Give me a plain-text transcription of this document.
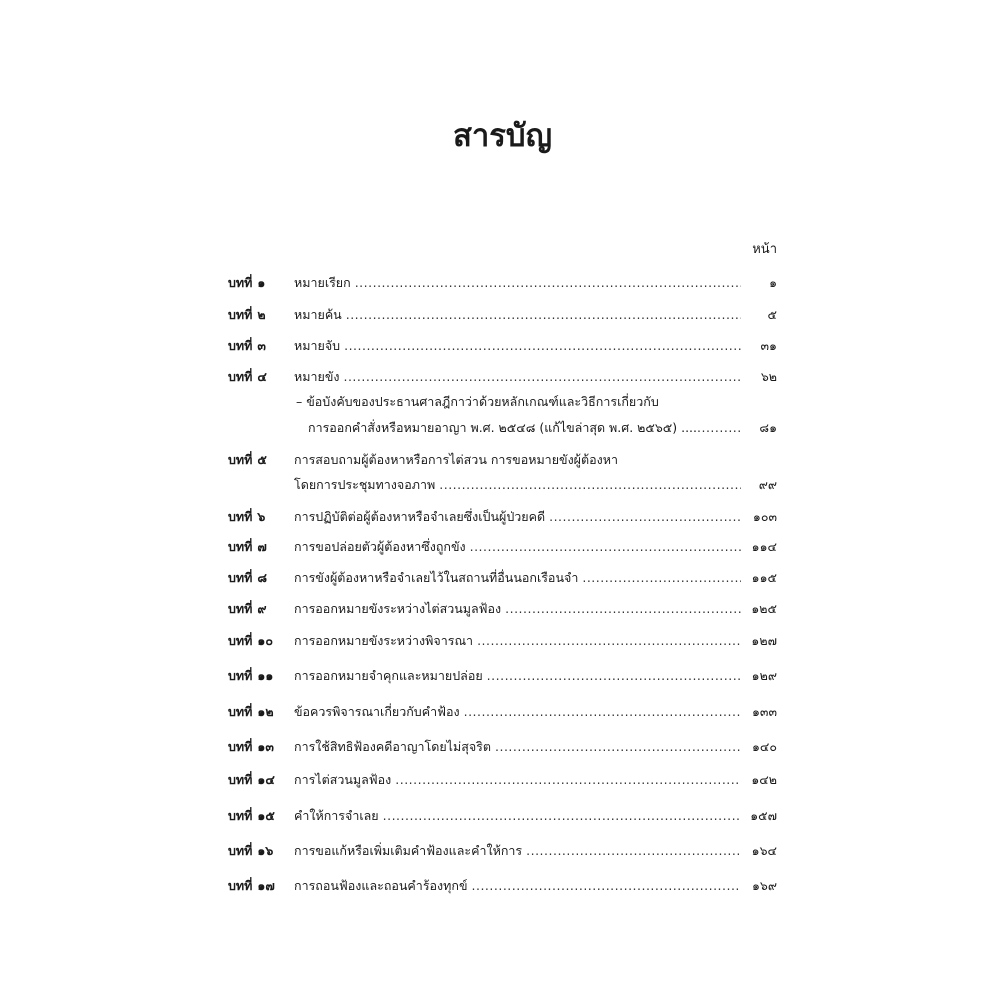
สารบัญ
หน้า
บทที่ ๑	หมายเรียก .....	๑
บทที่ ๒	หมายค้น .....	๕
บทที่ ๓	หมายจับ .....	๓๑
บทที่ ๔	หมายขัง .....	๖๒
– ข้อบังคับของประธานศาลฎีกาว่าด้วยหลักเกณฑ์และวิธีการเกี่ยวกับ
การออกคำสั่งหรือหมายอาญา พ.ศ. ๒๕๔๘ (แก้ไขล่าสุด พ.ศ. ๒๕๖๕) .... .....	๘๑
บทที่ ๕	การสอบถามผู้ต้องหาหรือการไต่สวน การขอหมายขังผู้ต้องหา
โดยการประชุมทางจอภาพ .....	๙๙
บทที่ ๖	การปฏิบัติต่อผู้ต้องหาหรือจำเลยซึ่งเป็นผู้ป่วยคดี .....	๑๐๓
บทที่ ๗	การขอปล่อยตัวผู้ต้องหาซึ่งถูกขัง .....	๑๑๔
บทที่ ๘	การขังผู้ต้องหาหรือจำเลยไว้ในสถานที่อื่นนอกเรือนจำ .....	๑๑๕
บทที่ ๙	การออกหมายขังระหว่างไต่สวนมูลฟ้อง .....	๑๒๕
บทที่ ๑๐	การออกหมายขังระหว่างพิจารณา .....	๑๒๗
บทที่ ๑๑	การออกหมายจำคุกและหมายปล่อย .....	๑๒๙
บทที่ ๑๒	ข้อควรพิจารณาเกี่ยวกับคำฟ้อง .....	๑๓๓
บทที่ ๑๓	การใช้สิทธิฟ้องคดีอาญาโดยไม่สุจริต .....	๑๔๐
บทที่ ๑๔	การไต่สวนมูลฟ้อง .....	๑๔๒
บทที่ ๑๕	คำให้การจำเลย .....	๑๕๗
บทที่ ๑๖	การขอแก้หรือเพิ่มเติมคำฟ้องและคำให้การ .....	๑๖๔
บทที่ ๑๗	การถอนฟ้องและถอนคำร้องทุกข์ .....	๑๖๙
